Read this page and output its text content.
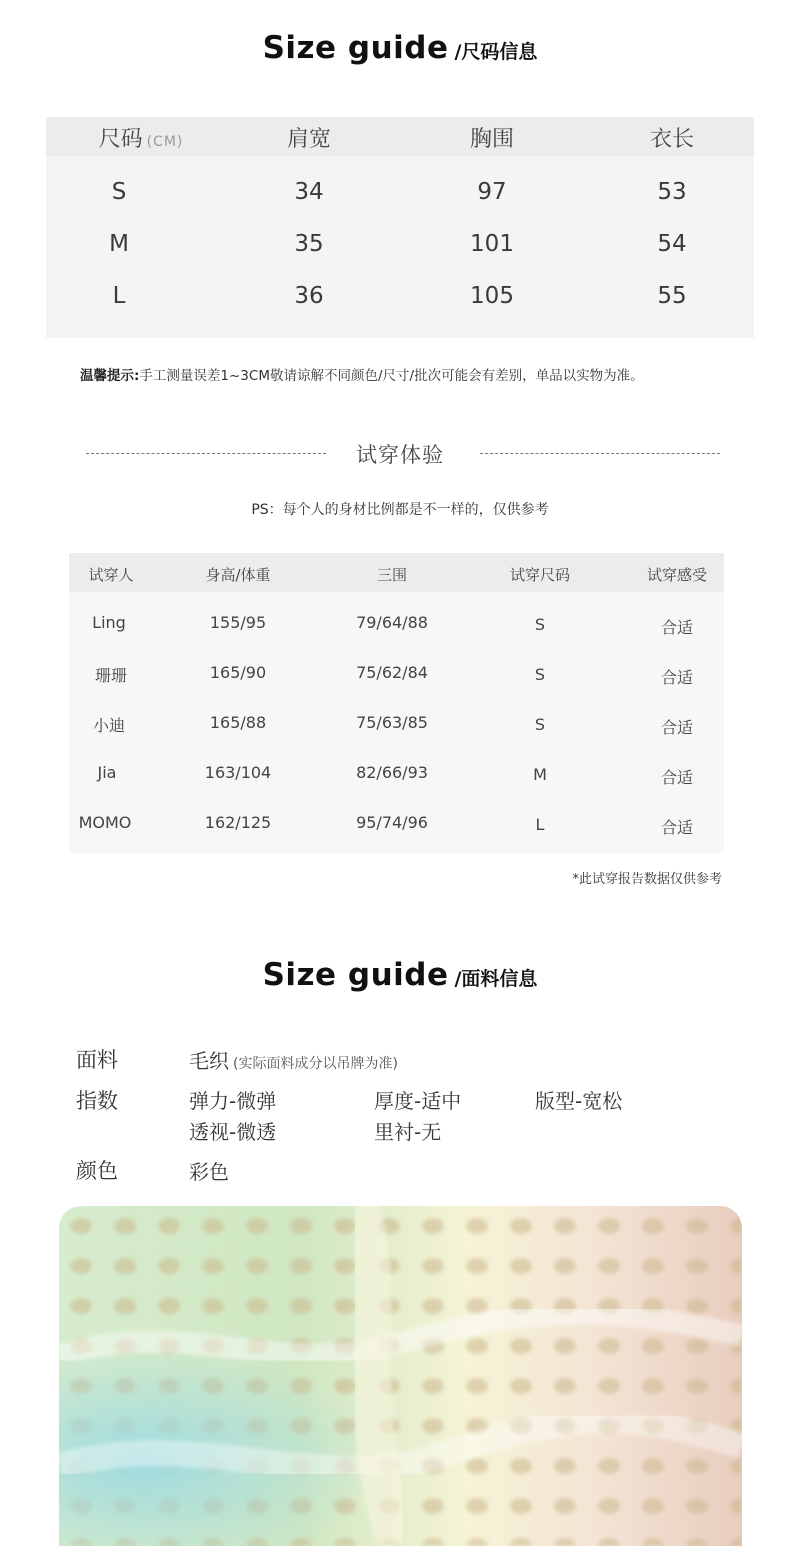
Size guide /尺码信息
尺码 (CM)	肩宽	胸围	衣长
S	34	97	53
M	35	101	54
L	36	105	55
温馨提示:手工测量误差1~3CM敬请谅解不同颜色/尺寸/批次可能会有差别，单品以实物为准。
试穿体验
PS：每个人的身材比例都是不一样的，仅供参考
试穿人	身高/体重	三围	试穿尺码	试穿感受
Ling	155/95	79/64/88	S	合适
珊珊	165/90	75/62/84	S	合适
小迪	165/88	75/63/85	S	合适
Jia	163/104	82/66/93	M	合适
MOMO	162/125	95/74/96	L	合适
*此试穿报告数据仅供参考
Size guide /面料信息
面料	毛织 (实际面料成分以吊牌为准)
指数	弹力-微弹	厚度-适中	版型-宽松
透视-微透	里衬-无
颜色	彩色
